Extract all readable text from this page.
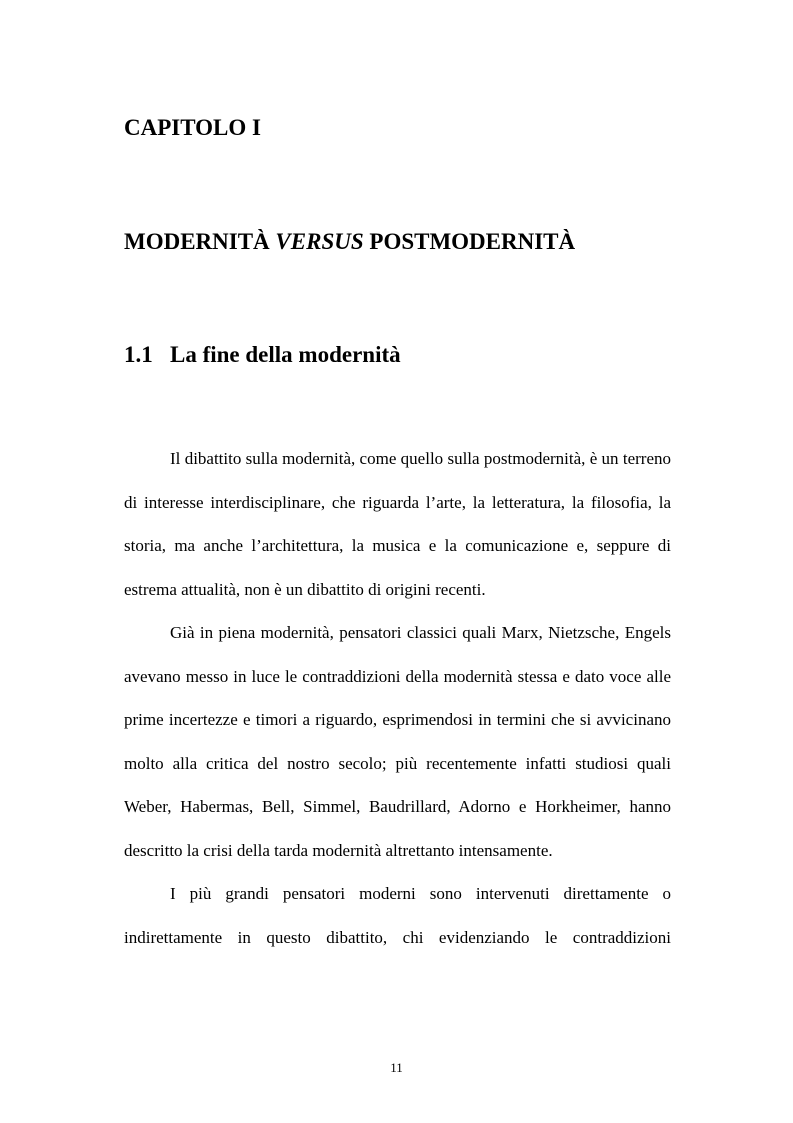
CAPITOLO I
MODERNITÀ VERSUS POSTMODERNITÀ
1.1 La fine della modernità

Il dibattito sulla modernità, come quello sulla postmodernità, è un terreno di interesse interdisciplinare, che riguarda l’arte, la letteratura, la filosofia, la storia, ma anche l’architettura, la musica e la comunicazione e, seppure di estrema attualità, non è un dibattito di origini recenti.

Già in piena modernità, pensatori classici quali Marx, Nietzsche, Engels avevano messo in luce le contraddizioni della modernità stessa e dato voce alle prime incertezze e timori a riguardo, esprimendosi in termini che si avvicinano molto alla critica del nostro secolo; più recentemente infatti studiosi quali Weber, Habermas, Bell, Simmel, Baudrillard, Adorno e Horkheimer, hanno descritto la crisi della tarda modernità altrettanto intensamente.

I più grandi pensatori moderni sono intervenuti direttamente o indirettamente in questo dibattito, chi evidenziando le contraddizioni

11
